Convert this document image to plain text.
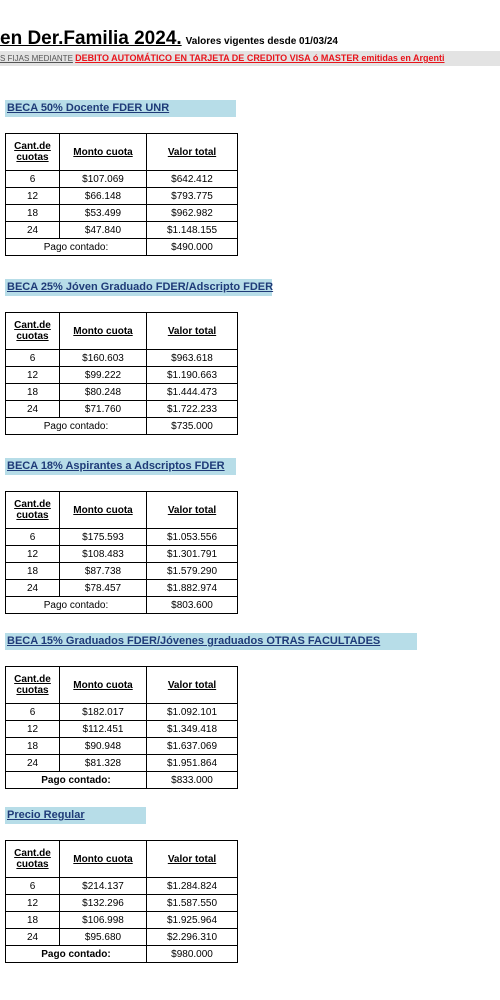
en Der.Familia 2024. Valores vigentes desde 01/03/24
S FIJAS MEDIANTE DEBITO AUTOMÁTICO EN TARJETA DE CREDITO VISA ó MASTER emitidas en Argenti
BECA 50% Docente FDER UNR
Cant.de cuotas	Monto cuota	Valor total
6	$107.069	$642.412
12	$66.148	$793.775
18	$53.499	$962.982
24	$47.840	$1.148.155
Pago contado:		$490.000
BECA 25% Jóven Graduado FDER/Adscripto FDER
Cant.de cuotas	Monto cuota	Valor total
6	$160.603	$963.618
12	$99.222	$1.190.663
18	$80.248	$1.444.473
24	$71.760	$1.722.233
Pago contado:		$735.000
BECA 18% Aspirantes a Adscriptos FDER
Cant.de cuotas	Monto cuota	Valor total
6	$175.593	$1.053.556
12	$108.483	$1.301.791
18	$87.738	$1.579.290
24	$78.457	$1.882.974
Pago contado:		$803.600
BECA 15% Graduados FDER/Jóvenes graduados OTRAS FACULTADES
Cant.de cuotas	Monto cuota	Valor total
6	$182.017	$1.092.101
12	$112.451	$1.349.418
18	$90.948	$1.637.069
24	$81.328	$1.951.864
Pago contado:		$833.000
Precio Regular
Cant.de cuotas	Monto cuota	Valor total
6	$214.137	$1.284.824
12	$132.296	$1.587.550
18	$106.998	$1.925.964
24	$95.680	$2.296.310
Pago contado:		$980.000
